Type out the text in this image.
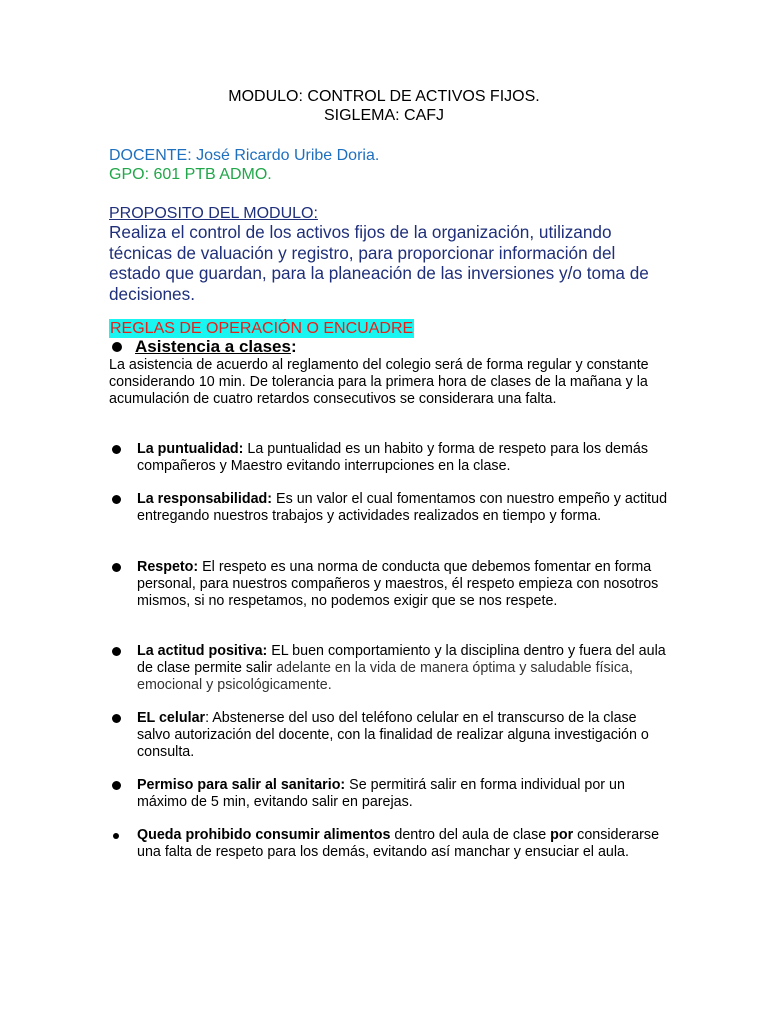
MODULO: CONTROL DE ACTIVOS FIJOS.
SIGLEMA: CAFJ
DOCENTE: José Ricardo Uribe Doria.
GPO: 601 PTB ADMO.
PROPOSITO DEL MODULO:
Realiza el control de los activos fijos de la organización, utilizando técnicas de valuación y registro, para proporcionar información del estado que guardan, para la planeación de las inversiones y/o toma de decisiones.
REGLAS DE OPERACIÓN O ENCUADRE
Asistencia a clases:
La asistencia de acuerdo al reglamento del colegio será de forma regular y constante considerando 10 min. De tolerancia para la primera hora de clases de la mañana y la acumulación de cuatro retardos consecutivos se considerara una falta.
La puntualidad: La puntualidad es un habito y forma de respeto para los demás compañeros y Maestro evitando interrupciones en la clase.
La responsabilidad: Es un valor el cual fomentamos con nuestro empeño y actitud entregando nuestros trabajos y actividades realizados en tiempo y forma.
Respeto: El respeto es una norma de conducta que debemos fomentar en forma personal, para nuestros compañeros y maestros, él respeto empieza con nosotros mismos, si no respetamos, no podemos exigir que se nos respete.
La actitud positiva: EL buen comportamiento y la disciplina dentro y fuera del aula de clase permite salir adelante en la vida de manera óptima y saludable física, emocional y psicológicamente.
EL celular: Abstenerse del uso del teléfono celular en el transcurso de la clase salvo autorización del docente, con la finalidad de realizar alguna investigación o consulta.
Permiso para salir al sanitario: Se permitirá salir en forma individual por un máximo de 5 min, evitando salir en parejas.
Queda prohibido consumir alimentos dentro del aula de clase por considerarse una falta de respeto para los demás, evitando así manchar y ensuciar el aula.
